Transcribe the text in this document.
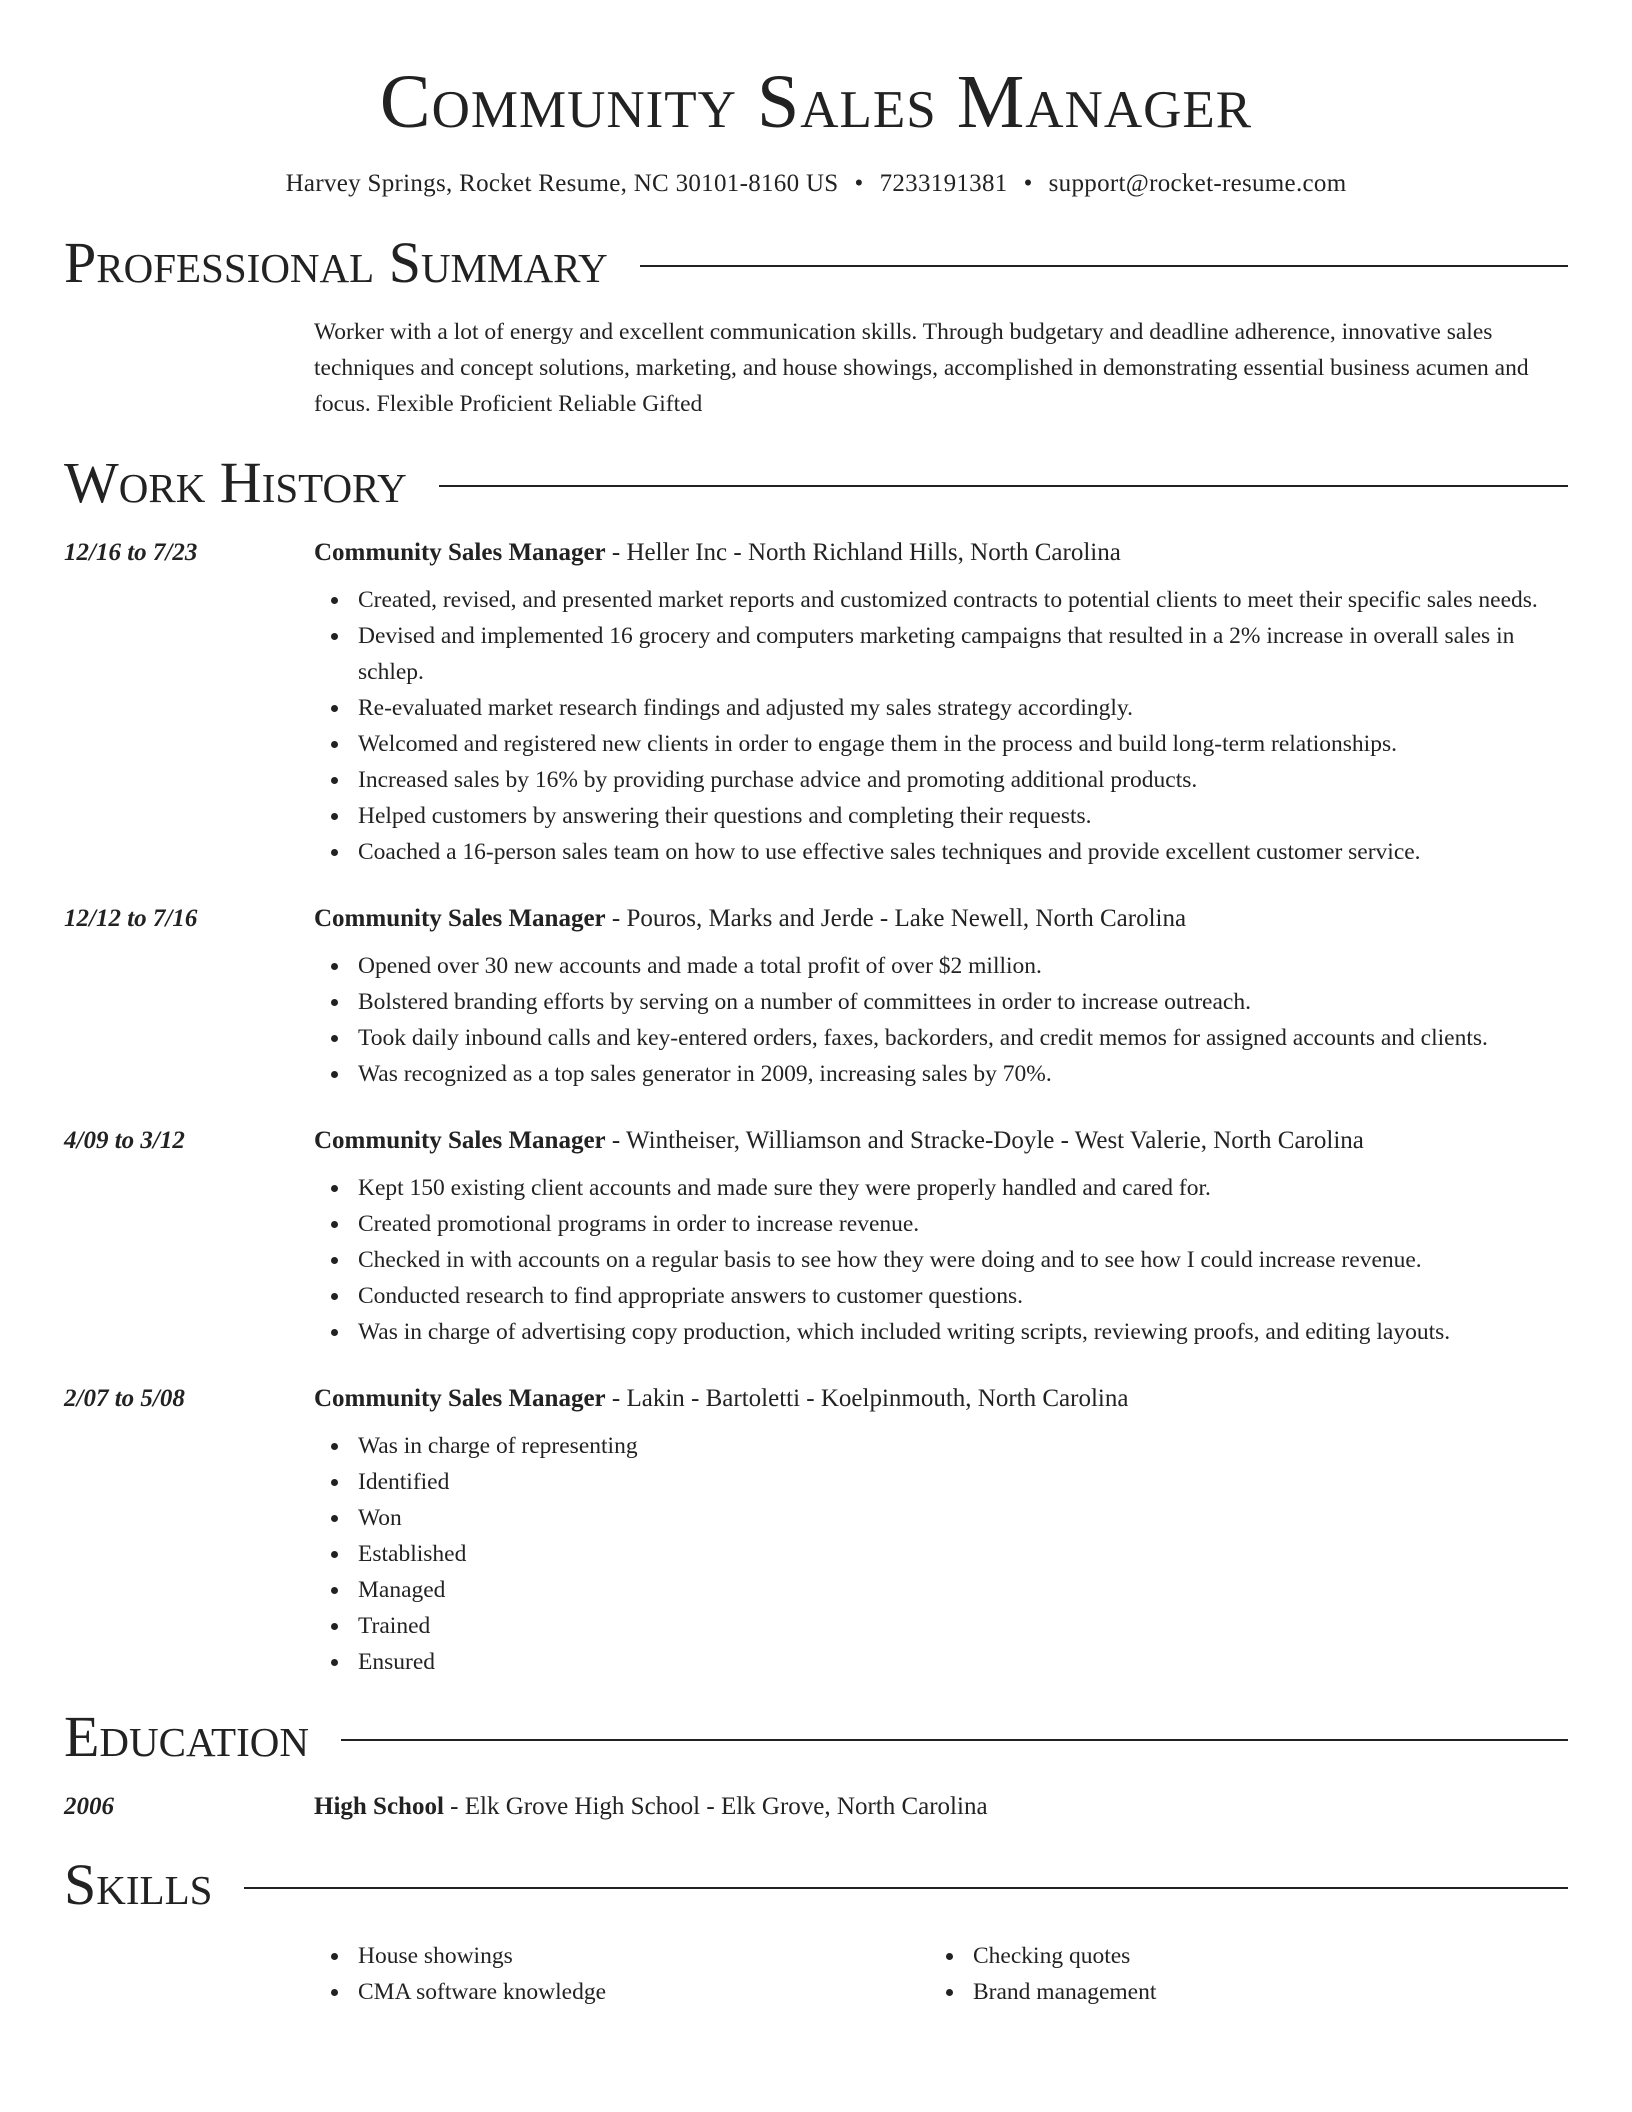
Community Sales Manager
Harvey Springs, Rocket Resume, NC 30101-8160 US • 7233191381 • support@rocket-resume.com
Professional Summary

Worker with a lot of energy and excellent communication skills. Through budgetary and deadline adherence, innovative sales techniques and concept solutions, marketing, and house showings, accomplished in demonstrating essential business acumen and focus. Flexible Proficient Reliable Gifted

Work History
12/16 to 7/23	Community Sales Manager - Heller Inc - North Richland Hills, North Carolina
Created, revised, and presented market reports and customized contracts to potential clients to meet their specific sales needs.
Devised and implemented 16 grocery and computers marketing campaigns that resulted in a 2% increase in overall sales in schlep.
Re-evaluated market research findings and adjusted my sales strategy accordingly.
Welcomed and registered new clients in order to engage them in the process and build long-term relationships.
Increased sales by 16% by providing purchase advice and promoting additional products.
Helped customers by answering their questions and completing their requests.
Coached a 16-person sales team on how to use effective sales techniques and provide excellent customer service.
12/12 to 7/16	Community Sales Manager - Pouros, Marks and Jerde - Lake Newell, North Carolina
Opened over 30 new accounts and made a total profit of over $2 million.
Bolstered branding efforts by serving on a number of committees in order to increase outreach.
Took daily inbound calls and key-entered orders, faxes, backorders, and credit memos for assigned accounts and clients.
Was recognized as a top sales generator in 2009, increasing sales by 70%.
4/09 to 3/12	Community Sales Manager - Wintheiser, Williamson and Stracke-Doyle - West Valerie, North Carolina
Kept 150 existing client accounts and made sure they were properly handled and cared for.
Created promotional programs in order to increase revenue.
Checked in with accounts on a regular basis to see how they were doing and to see how I could increase revenue.
Conducted research to find appropriate answers to customer questions.
Was in charge of advertising copy production, which included writing scripts, reviewing proofs, and editing layouts.
2/07 to 5/08	Community Sales Manager - Lakin - Bartoletti - Koelpinmouth, North Carolina
Was in charge of representing
Identified
Won
Established
Managed
Trained
Ensured
Education
2006	High School - Elk Grove High School - Elk Grove, North Carolina
Skills
House showings
CMA software knowledge
Checking quotes
Brand management
